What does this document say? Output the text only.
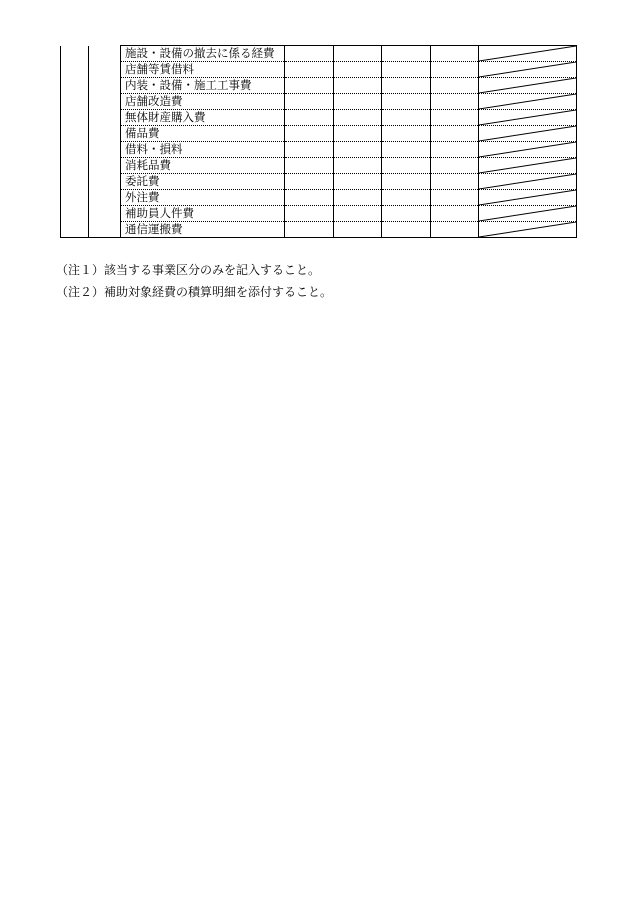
		施設・設備の撤去に係る経費					

		店舗等賃借料					

		内装・設備・施工工事費					

		店舗改造費					

		無体財産購入費					

		備品費					

		借料・損料					

		消耗品費					

		委託費					

		外注費					

		補助員人件費					

		通信運搬費					

（注１）該当する事業区分のみを記入すること。

（注２）補助対象経費の積算明細を添付すること。
